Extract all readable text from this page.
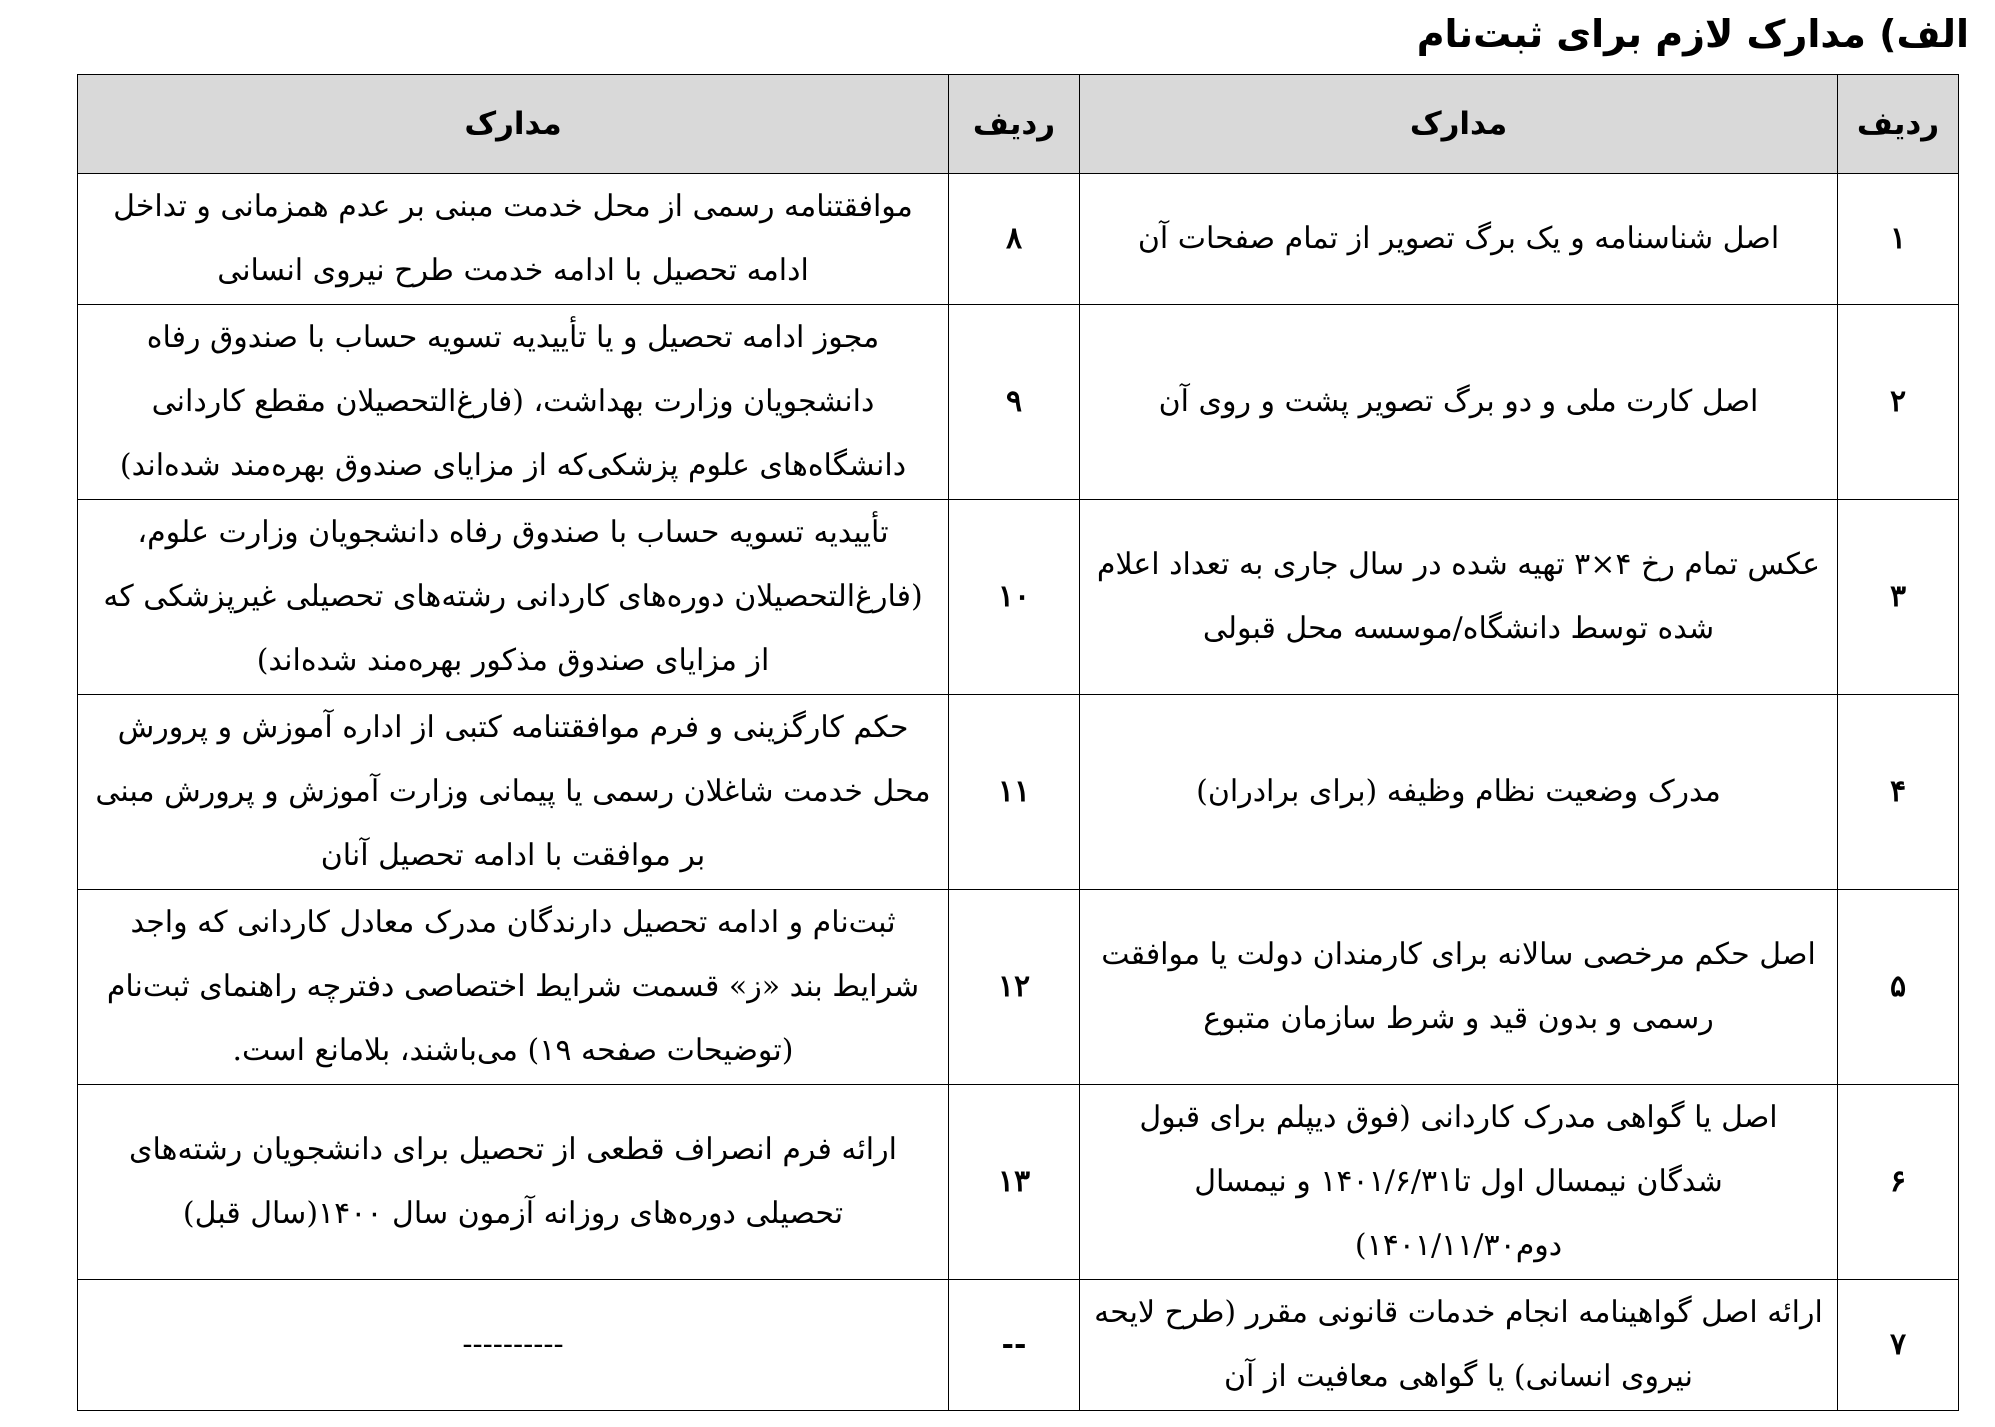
الف) مدارک لازم برای ثبت‌نام
ردیف	مدارک	ردیف	مدارک
۱	اصل شناسنامه و یک برگ تصویر از تمام صفحات آن	۸	موافقتنامه رسمی از محل خدمت مبنی بر عدم همزمانی و تداخل ادامه تحصیل با ادامه خدمت طرح نیروی انسانی
۲	اصل کارت ملی و دو برگ تصویر پشت و روی آن	۹	مجوز ادامه تحصیل و یا تأییدیه تسویه حساب با صندوق رفاه دانشجویان وزارت بهداشت، (فارغ‌التحصیلان مقطع کاردانی دانشگاه‌های علوم پزشکی‌که از مزایای صندوق بهره‌مند شده‌اند)
۳	عکس تمام رخ ۴×۳ تهیه شده در سال جاری به تعداد اعلام شده توسط دانشگاه/موسسه محل قبولی	۱۰	تأییدیه تسویه حساب با صندوق رفاه دانشجویان وزارت علوم، (فارغ‌التحصیلان دوره‌های کاردانی رشته‌های تحصیلی غیرپزشکی که از مزایای صندوق مذکور بهره‌مند شده‌اند)
۴	مدرک وضعیت نظام وظیفه (برای برادران)	۱۱	حکم کارگزینی و فرم موافقتنامه کتبی از اداره آموزش و پرورش محل خدمت شاغلان رسمی یا پیمانی وزارت آموزش و پرورش مبنی بر موافقت با ادامه تحصیل آنان
۵	اصل حکم مرخصی سالانه برای کارمندان دولت یا موافقت رسمی و بدون قید و شرط سازمان متبوع	۱۲	ثبت‌نام و ادامه تحصیل دارندگان مدرک معادل کاردانی که واجد شرایط بند «ز» قسمت شرایط اختصاصی دفترچه راهنمای ثبت‌نام (توضیحات صفحه ۱۹) می‌باشند، بلامانع است.
۶	اصل یا گواهی مدرک کاردانی (فوق دیپلم برای قبول شدگان نیمسال اول تا۱۴۰۱/۶/۳۱ و نیمسال دوم۱۴۰۱/۱۱/۳۰)	۱۳	ارائه فرم انصراف قطعی از تحصیل برای دانشجویان رشته‌های تحصیلی دوره‌های روزانه آزمون سال ۱۴۰۰(سال قبل)
۷	ارائه اصل گواهینامه انجام خدمات قانونی مقرر (طرح لایحه نیروی انسانی) یا گواهی معافیت از آن	--	----------
